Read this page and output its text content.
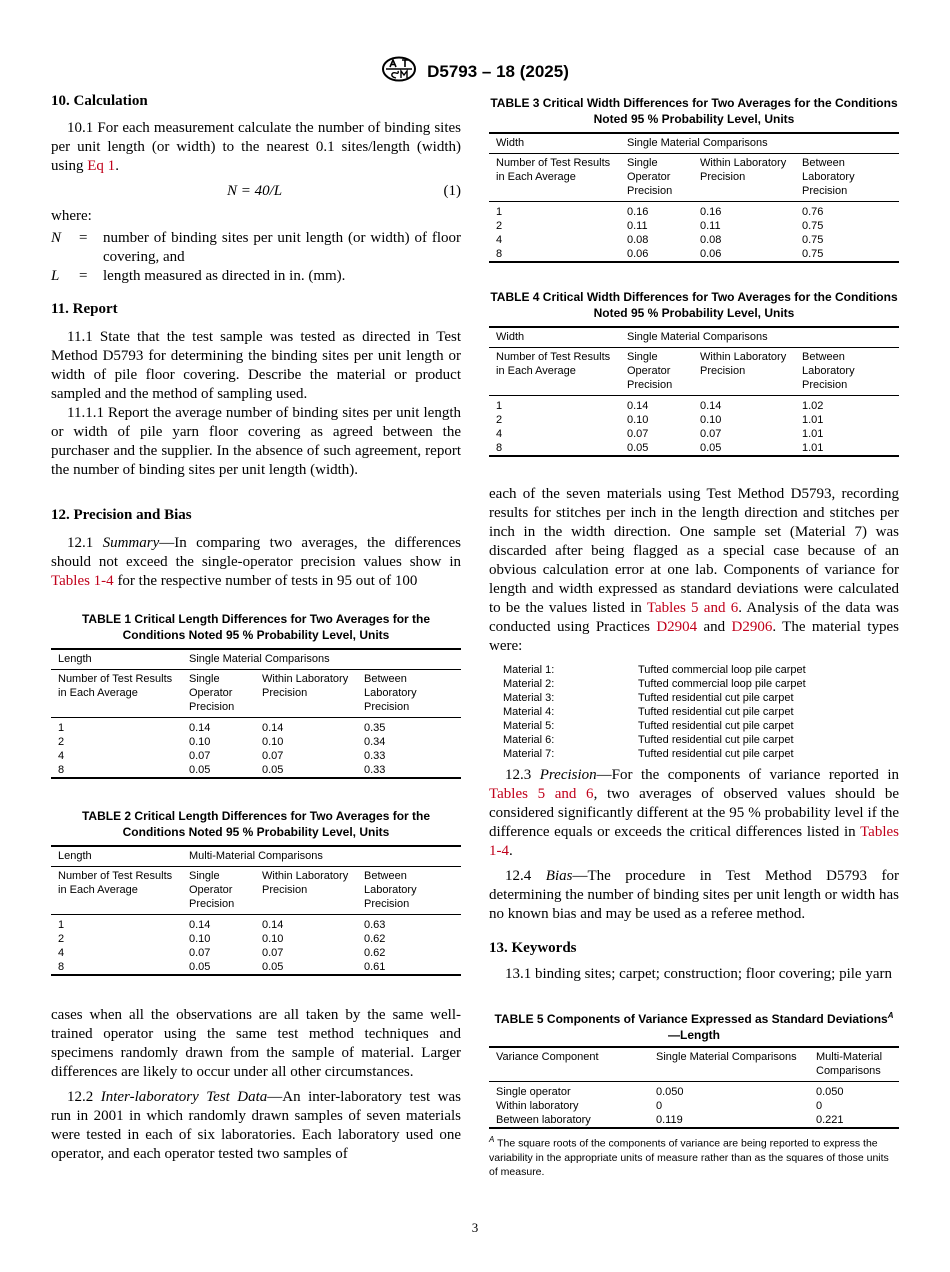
D5793 – 18 (2025)
10. Calculation

10.1 For each measurement calculate the number of binding sites per unit length (or width) to the nearest 0.1 sites/length (width) using Eq 1.

N = 40/L	(1)

where:

N	=	number of binding sites per unit length (or width) of floor covering, and
L	=	length measured as directed in in. (mm).
11. Report

11.1 State that the test sample was tested as directed in Test Method D5793 for determining the binding sites per unit length or width of pile floor covering. Describe the material or product sampled and the method of sampling used.

11.1.1 Report the average number of binding sites per unit length or width of pile yarn floor covering as agreed between the purchaser and the supplier. In the absence of such agreement, report the number of binding sites per unit length (width).

12. Precision and Bias

12.1 Summary—In comparing two averages, the differences should not exceed the single-operator precision values show in Tables 1-4 for the respective number of tests in 95 out of 100

TABLE 1 Critical Length Differences for Two Averages for the Conditions Noted 95 % Probability Level, Units

Length	Single Material Comparisons		
Number of Test Results in Each Average	Single Operator Precision	Within Laboratory Precision	Between Laboratory Precision
1	0.14	0.14	0.35
2	0.10	0.10	0.34
4	0.07	0.07	0.33
8	0.05	0.05	0.33

TABLE 2 Critical Length Differences for Two Averages for the Conditions Noted 95 % Probability Level, Units

Length	Multi-Material Comparisons		
Number of Test Results in Each Average	Single Operator Precision	Within Laboratory Precision	Between Laboratory Precision
1	0.14	0.14	0.63
2	0.10	0.10	0.62
4	0.07	0.07	0.62
8	0.05	0.05	0.61

cases when all the observations are all taken by the same well-trained operator using the same test method techniques and specimens randomly drawn from the sample of material. Larger differences are likely to occur under all other circumstances.

12.2 Inter-laboratory Test Data—An inter-laboratory test was run in 2001 in which randomly drawn samples of seven materials were tested in each of six laboratories. Each laboratory used one operator, and each operator tested two samples of

TABLE 3 Critical Width Differences for Two Averages for the Conditions Noted 95 % Probability Level, Units

Width	Single Material Comparisons		
Number of Test Results in Each Average	Single Operator Precision	Within Laboratory Precision	Between Laboratory Precision
1	0.16	0.16	0.76
2	0.11	0.11	0.75
4	0.08	0.08	0.75
8	0.06	0.06	0.75

TABLE 4 Critical Width Differences for Two Averages for the Conditions Noted 95 % Probability Level, Units

Width	Single Material Comparisons		
Number of Test Results in Each Average	Single Operator Precision	Within Laboratory Precision	Between Laboratory Precision
1	0.14	0.14	1.02
2	0.10	0.10	1.01
4	0.07	0.07	1.01
8	0.05	0.05	1.01

each of the seven materials using Test Method D5793, recording results for stitches per inch in the length direction and stitches per inch in the width direction. One sample set (Material 7) was discarded after being flagged as a special case because of an obvious calculation error at one lab. Components of variance for length and width expressed as standard deviations were calculated to be the values listed in Tables 5 and 6. Analysis of the data was conducted using Practices D2904 and D2906. The material types were:

Material 1:	Tufted commercial loop pile carpet
Material 2:	Tufted commercial loop pile carpet
Material 3:	Tufted residential cut pile carpet
Material 4:	Tufted residential cut pile carpet
Material 5:	Tufted residential cut pile carpet
Material 6:	Tufted residential cut pile carpet
Material 7:	Tufted residential cut pile carpet

12.3 Precision—For the components of variance reported in Tables 5 and 6, two averages of observed values should be considered significantly different at the 95 % probability level if the difference equals or exceeds the critical differences listed in Tables 1-4.

12.4 Bias—The procedure in Test Method D5793 for determining the number of binding sites per unit length or width has no known bias and may be used as a referee method.

13. Keywords

13.1 binding sites; carpet; construction; floor covering; pile yarn

TABLE 5 Components of Variance Expressed as Standard Deviations$^A$ —Length

Variance Component	Single Material Comparisons	Multi-Material Comparisons
Single operator	0.050	0.050
Within laboratory	0	0
Between laboratory	0.119	0.221
$^A$ The square roots of the components of variance are being reported to express the variability in the appropriate units of measure rather than as the squares of those units of measure.
3
